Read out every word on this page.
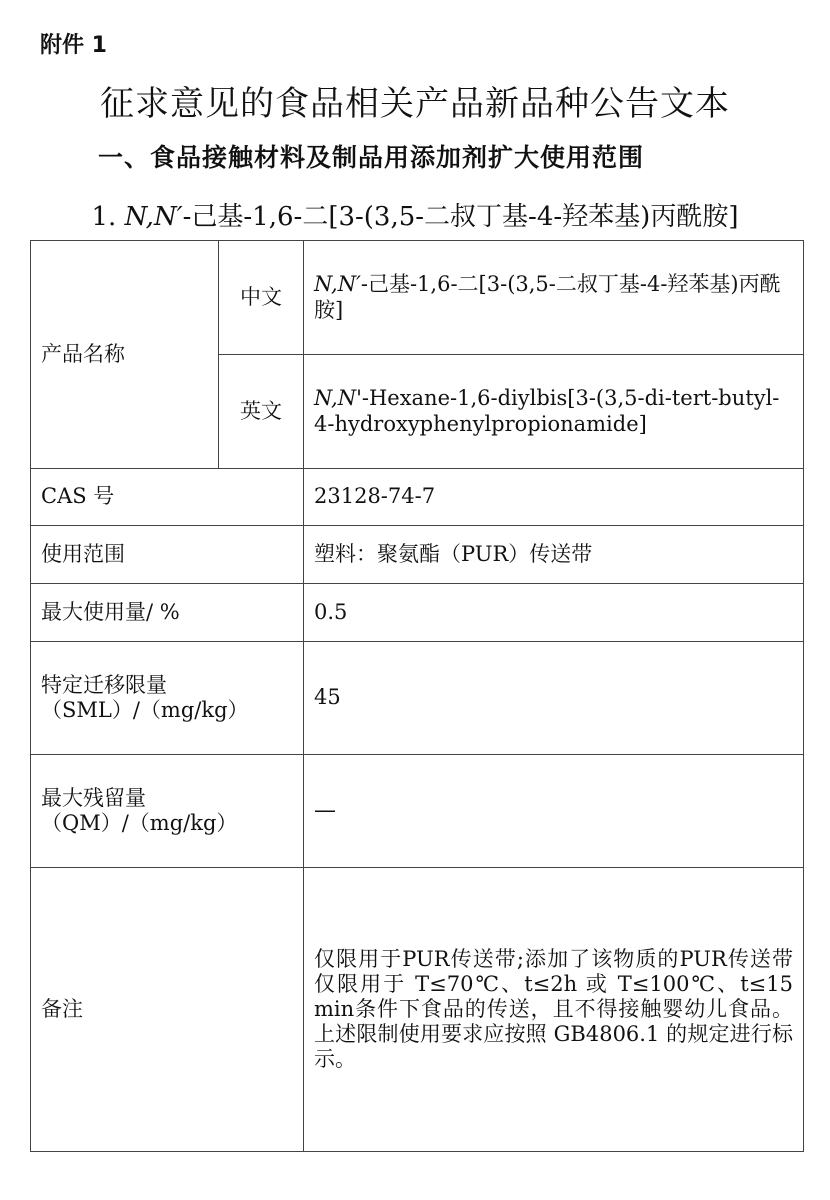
附件 1
征求意见的食品相关产品新品种公告文本
一、食品接触材料及制品用添加剂扩大使用范围
1. N,N′-己基-1,6-二[3-(3,5-二叔丁基-4-羟苯基)丙酰胺]
产品名称	中文	N,N′-己基-1,6-二[3-(3,5-二叔丁基-4-羟苯基)丙酰胺]
	英文	N,N'-Hexane-1,6-diylbis[3-(3,5-di-tert-butyl-4-hydroxyphenylpropionamide]
CAS 号		23128-74-7
使用范围		塑料：聚氨酯（PUR）传送带
最大使用量/ %		0.5

特定迁移限量
（SML）/（mg/kg）		45

最大残留量
（QM）/（mg/kg）		—
备注		仅限用于PUR传送带;添加了该物质的PUR传送带仅限用于 T≤70℃、t≤2h 或 T≤100℃、t≤15 min条件下食品的传送，且不得接触婴幼儿食品。上述限制使用要求应按照 GB4806.1 的规定进行标示。
